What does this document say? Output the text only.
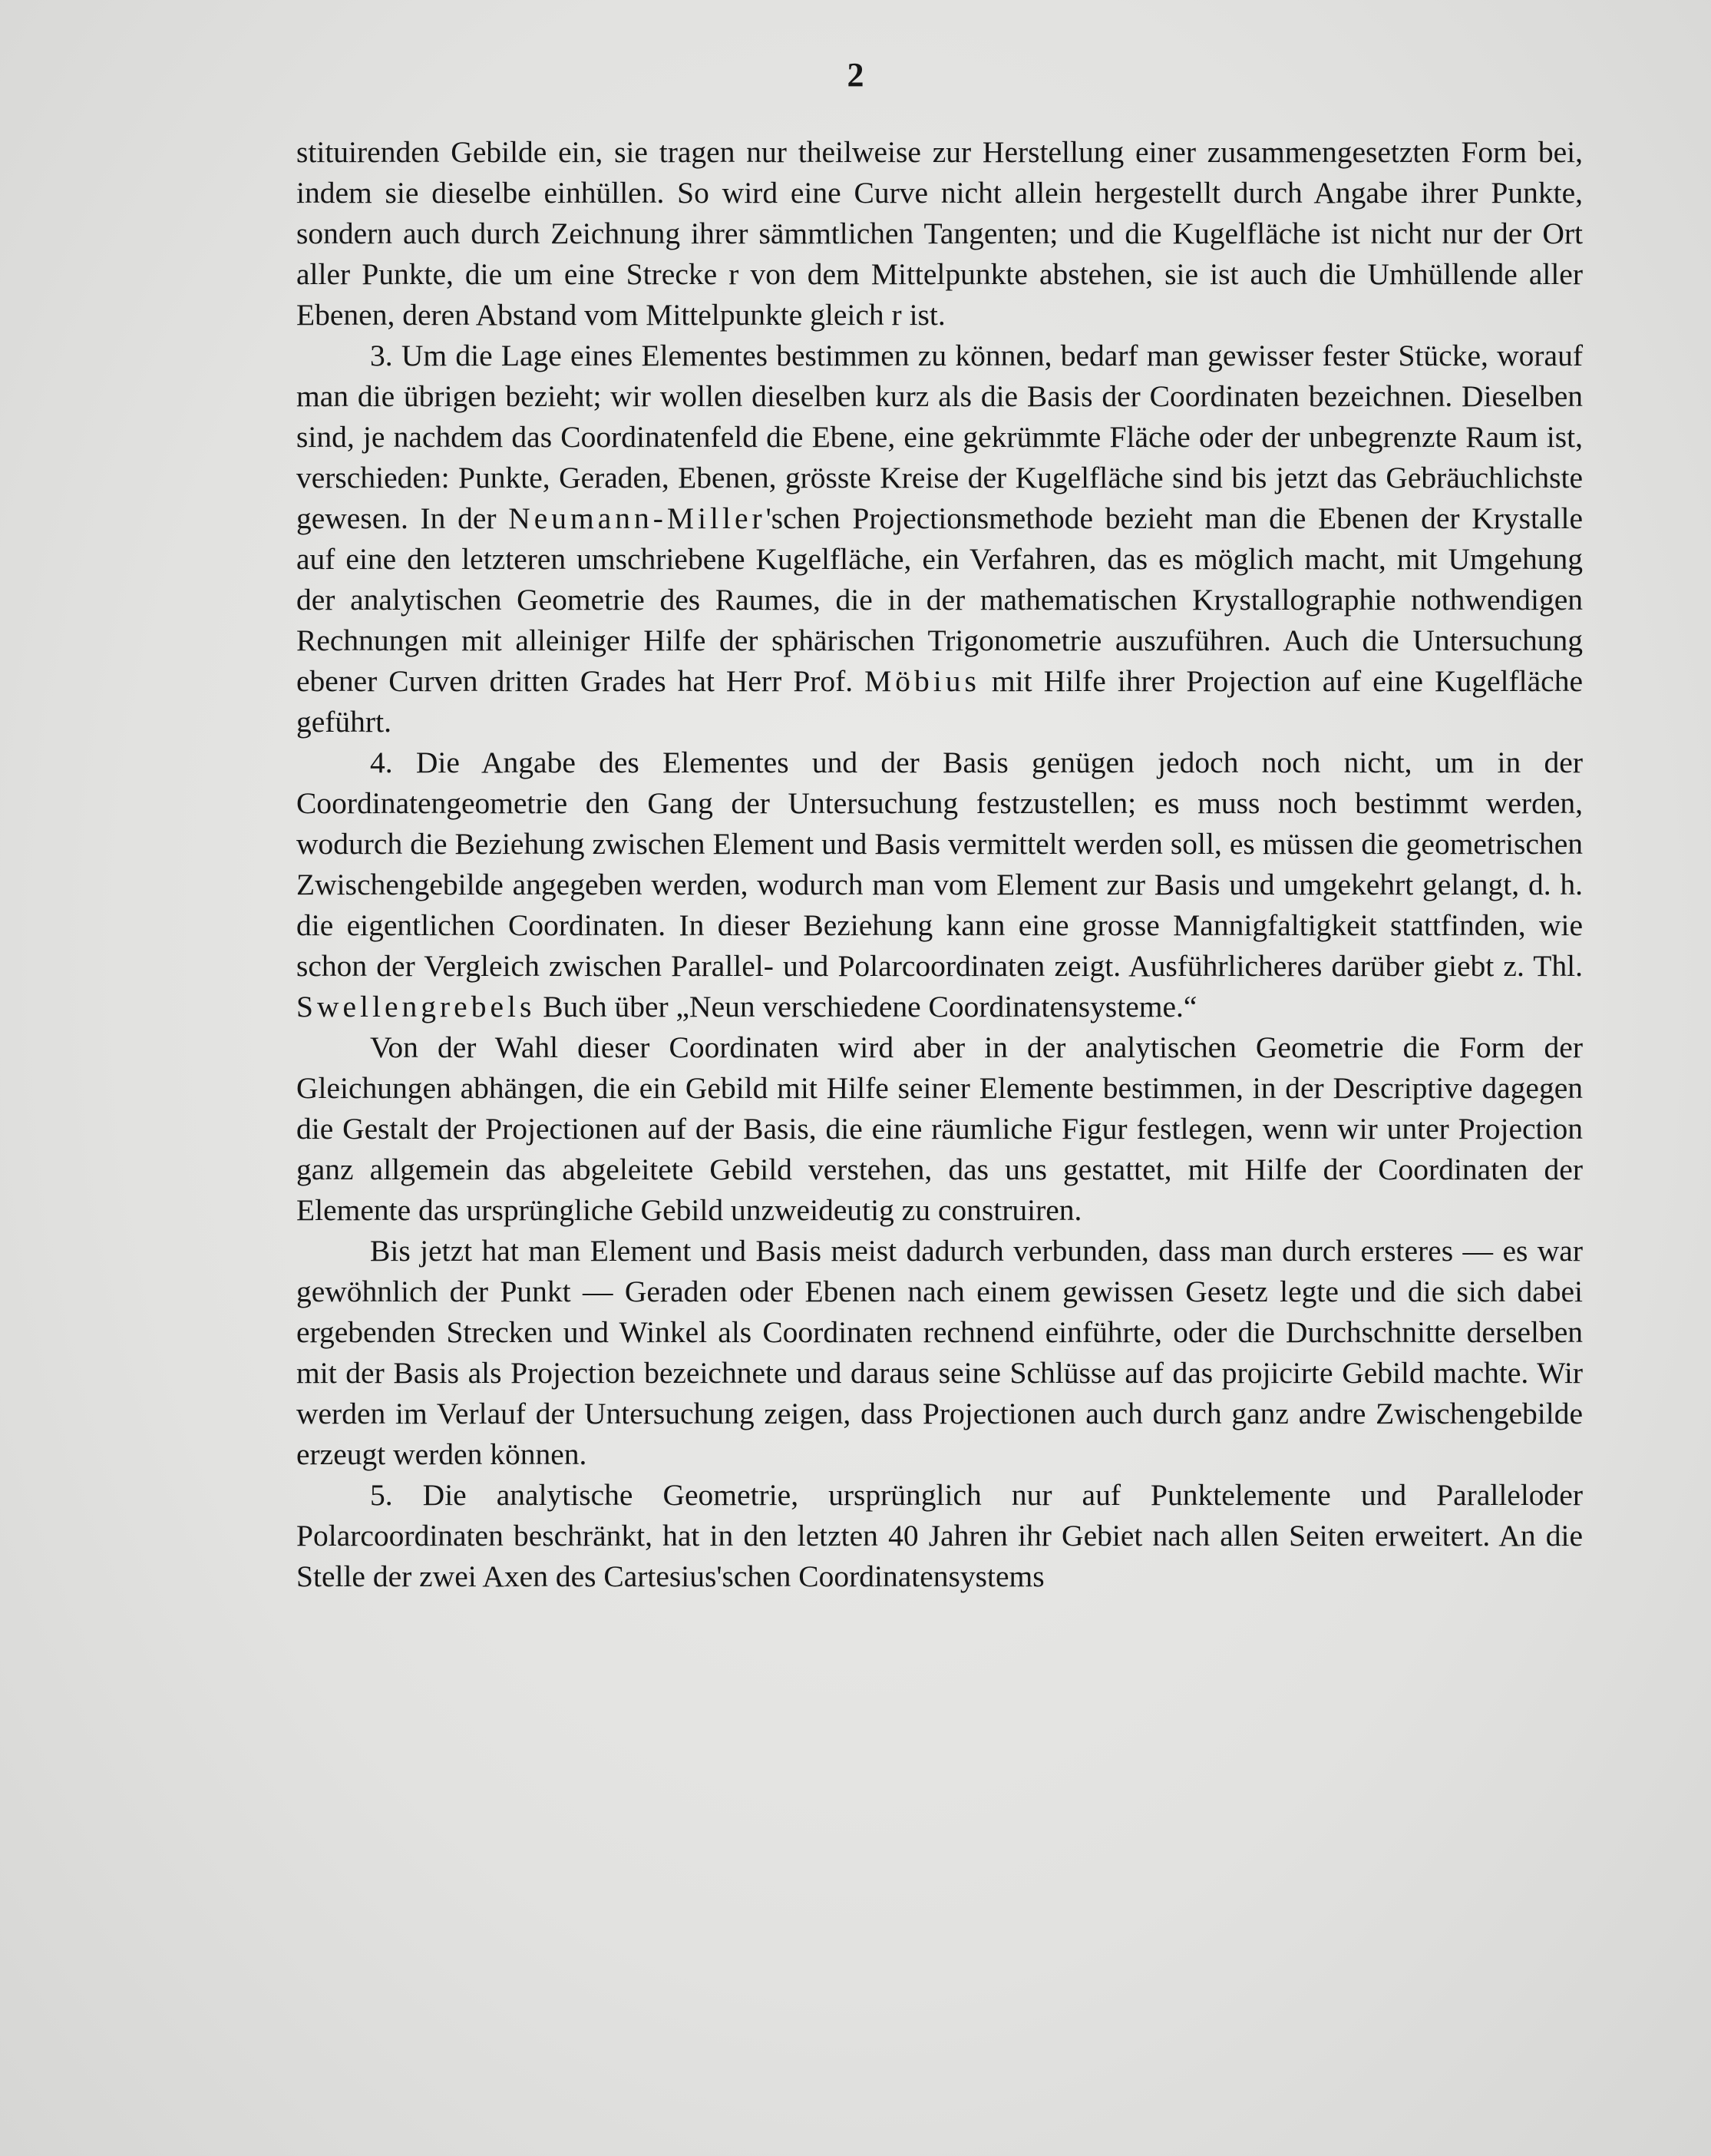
2

stituirenden Gebilde ein, sie tragen nur theilweise zur Herstellung einer zusammengesetzten Form bei, indem sie dieselbe einhüllen. So wird eine Curve nicht allein hergestellt durch Angabe ihrer Punkte, sondern auch durch Zeichnung ihrer sämmtlichen Tangenten; und die Kugelfläche ist nicht nur der Ort aller Punkte, die um eine Strecke r von dem Mittelpunkte abstehen, sie ist auch die Umhüllende aller Ebenen, deren Abstand vom Mittelpunkte gleich r ist.

3. Um die Lage eines Elementes bestimmen zu können, bedarf man gewisser fester Stücke, worauf man die übrigen bezieht; wir wollen dieselben kurz als die Basis der Coordinaten bezeichnen. Dieselben sind, je nachdem das Coordinatenfeld die Ebene, eine gekrümmte Fläche oder der unbegrenzte Raum ist, verschieden: Punkte, Geraden, Ebenen, grösste Kreise der Kugelfläche sind bis jetzt das Gebräuchlichste gewesen. In der Neumann-Miller'schen Projectionsmethode bezieht man die Ebenen der Krystalle auf eine den letzteren umschriebene Kugelfläche, ein Verfahren, das es möglich macht, mit Umgehung der analytischen Geometrie des Raumes, die in der mathematischen Krystallographie nothwendigen Rechnungen mit alleiniger Hilfe der sphärischen Trigonometrie auszuführen. Auch die Untersuchung ebener Curven dritten Grades hat Herr Prof. Möbius mit Hilfe ihrer Projection auf eine Kugelfläche geführt.

4. Die Angabe des Elementes und der Basis genügen jedoch noch nicht, um in der Coordinatengeometrie den Gang der Untersuchung festzustellen; es muss noch bestimmt werden, wodurch die Beziehung zwischen Element und Basis vermittelt werden soll, es müssen die geometrischen Zwischengebilde angegeben werden, wodurch man vom Element zur Basis und umgekehrt gelangt, d. h. die eigentlichen Coordinaten. In dieser Beziehung kann eine grosse Mannigfaltigkeit stattfinden, wie schon der Vergleich zwischen Parallel- und Polarcoordinaten zeigt. Ausführlicheres darüber giebt z. Thl. Swellengrebels Buch über „Neun verschiedene Coordinatensysteme.“

Von der Wahl dieser Coordinaten wird aber in der analytischen Geometrie die Form der Gleichungen abhängen, die ein Gebild mit Hilfe seiner Elemente bestimmen, in der Descriptive dagegen die Gestalt der Projectionen auf der Basis, die eine räumliche Figur festlegen, wenn wir unter Projection ganz allgemein das abgeleitete Gebild verstehen, das uns gestattet, mit Hilfe der Coordinaten der Elemente das ursprüngliche Gebild unzweideutig zu construiren.

Bis jetzt hat man Element und Basis meist dadurch verbunden, dass man durch ersteres — es war gewöhnlich der Punkt — Geraden oder Ebenen nach einem gewissen Gesetz legte und die sich dabei ergebenden Strecken und Winkel als Coordinaten rechnend einführte, oder die Durchschnitte derselben mit der Basis als Projection bezeichnete und daraus seine Schlüsse auf das projicirte Gebild machte. Wir werden im Verlauf der Untersuchung zeigen, dass Projectionen auch durch ganz andre Zwischengebilde erzeugt werden können.

5. Die analytische Geometrie, ursprünglich nur auf Punktelemente und Paralleloder Polarcoordinaten beschränkt, hat in den letzten 40 Jahren ihr Gebiet nach allen Seiten erweitert. An die Stelle der zwei Axen des Cartesius'schen Coordinatensystems
